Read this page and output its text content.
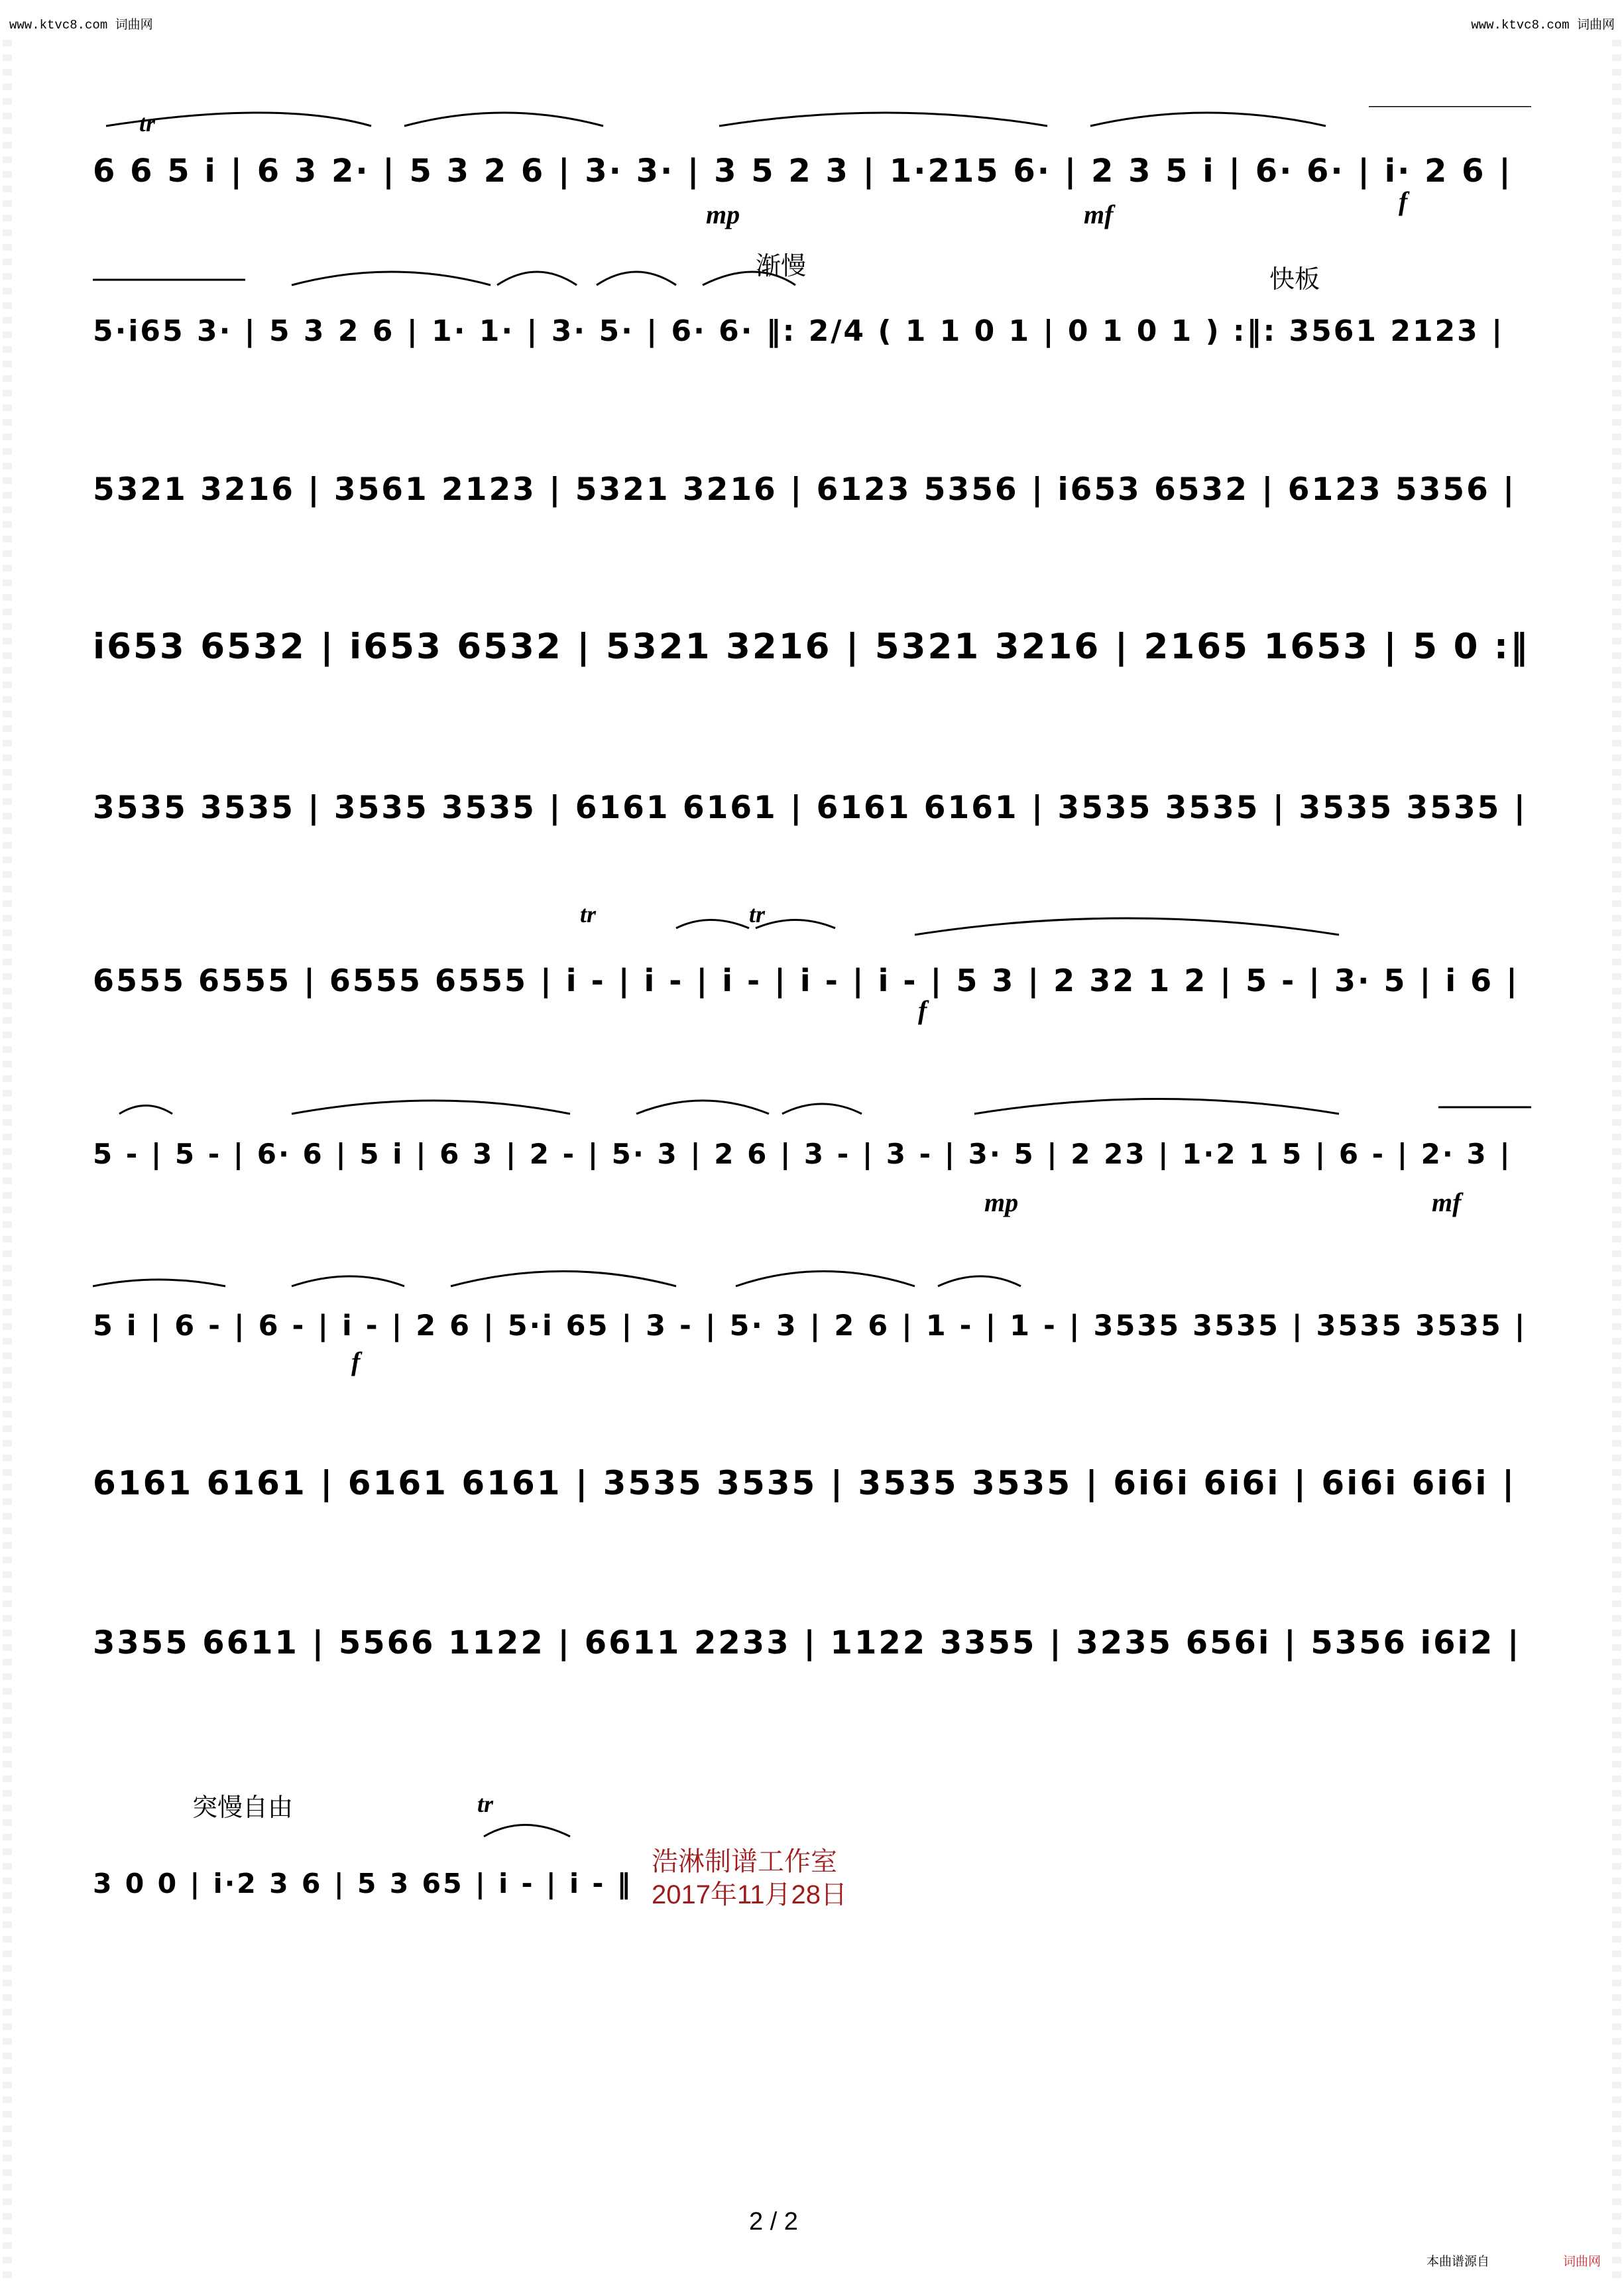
www.ktvc8.com 词曲网	www.ktvc8.com 词曲网
6 6 5 i | 6 3 2· | 5 3 2 6 | 3· 3· | 3 5 2 3 | 1·215 6· | 2 3 5 i | 6· 6· | i· 2 6 |
tr
mp	mf	f
5·i65 3· | 5 3 2 6 | 1· 1· | 3· 5· | 6· 6· ‖: 2/4 ( 1 1 0 1 | 0 1 0 1 ) :‖: 3561 2123 |
渐慢	快板
5321 3216 | 3561 2123 | 5321 3216 | 6123 5356 | i653 6532 | 6123 5356 |
i653 6532 | i653 6532 | 5321 3216 | 5321 3216 | 2165 1653 | 5 0 :‖
3535 3535 | 3535 3535 | 6161 6161 | 6161 6161 | 3535 3535 | 3535 3535 |
6555 6555 | 6555 6555 | i - | i - | i - | i - | i - | 5 3 | 2 32 1 2 | 5 - | 3· 5 | i 6 |
tr	tr
f
5 - | 5 - | 6· 6 | 5 i | 6 3 | 2 - | 5· 3 | 2 6 | 3 - | 3 - | 3· 5 | 2 23 | 1·2 1 5 | 6 - | 2· 3 |
mp	mf
5 i | 6 - | 6 - | i - | 2 6 | 5·i 65 | 3 - | 5· 3 | 2 6 | 1 - | 1 - | 3535 3535 | 3535 3535 |
f
6161 6161 | 6161 6161 | 3535 3535 | 3535 3535 | 6i6i 6i6i | 6i6i 6i6i |
3355 6611 | 5566 1122 | 6611 2233 | 1122 3355 | 3235 656i | 5356 i6i2 |
3 0 0 | i·2 3 6 | 5 3 65 | i - | i - ‖
突慢自由	tr
浩淋制谱工作室
2017年11月28日
2 / 2
本曲谱源自	词曲网
